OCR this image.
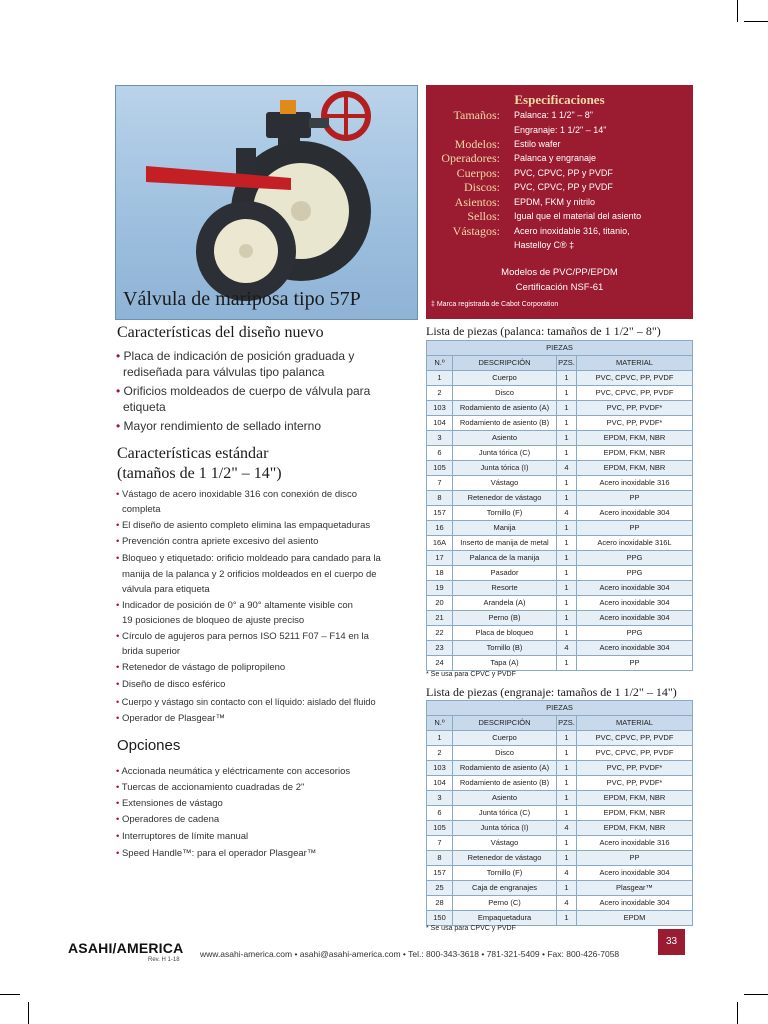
Válvula de mariposa tipo 57P
Especificaciones
Tamaños: Palanca: 1 1/2" – 8"
Engranaje: 1 1/2" – 14"
Modelos: Estilo wafer
Operadores: Palanca y engranaje
Cuerpos: PVC, CPVC, PP y PVDF
Discos: PVC, CPVC, PP y PVDF
Asientos: EPDM, FKM y nitrilo
Sellos: Igual que el material del asiento
Vástagos: Acero inoxidable 316, titanio,
Hastelloy C® ‡
Modelos de PVC/PP/EPDM
Certificación NSF-61
‡ Marca registrada de Cabot Corporation
Características del diseño nuevo
• Placa de indicación de posición graduada y
rediseñada para válvulas tipo palanca
• Orificios moldeados de cuerpo de válvula para
etiqueta
• Mayor rendimiento de sellado interno
Características estándar
(tamaños de 1 1/2" – 14")
• Vástago de acero inoxidable 316 con conexión de disco
completa
• El diseño de asiento completo elimina las empaquetaduras
• Prevención contra apriete excesivo del asiento
• Bloqueo y etiquetado: orificio moldeado para candado para la
manija de la palanca y 2 orificios moldeados en el cuerpo de
válvula para etiqueta
• Indicador de posición de 0° a 90° altamente visible con
19 posiciones de bloqueo de ajuste preciso
• Círculo de agujeros para pernos ISO 5211 F07 – F14 en la
brida superior
• Retenedor de vástago de polipropileno
• Diseño de disco esférico
• Cuerpo y vástago sin contacto con el líquido: aislado del fluido
• Operador de Plasgear™
Opciones
• Accionada neumática y eléctricamente con accesorios
• Tuercas de accionamiento cuadradas de 2"
• Extensiones de vástago
• Operadores de cadena
• Interruptores de límite manual
• Speed Handle™: para el operador Plasgear™
Lista de piezas (palanca: tamaños de 1 1/2" – 8")
PIEZAS			
N.º	DESCRIPCIÓN	PZS.	MATERIAL
1	Cuerpo	1	PVC, CPVC, PP, PVDF
2	Disco	1	PVC, CPVC, PP, PVDF
103	Rodamiento de asiento (A)	1	PVC, PP, PVDF*
104	Rodamiento de asiento (B)	1	PVC, PP, PVDF*
3	Asiento	1	EPDM, FKM, NBR
6	Junta tórica (C)	1	EPDM, FKM, NBR
105	Junta tórica (I)	4	EPDM, FKM, NBR
7	Vástago	1	Acero inoxidable 316
8	Retenedor de vástago	1	PP
157	Tornillo (F)	4	Acero inoxidable 304
16	Manija	1	PP
16A	Inserto de manija de metal	1	Acero inoxidable 316L
17	Palanca de la manija	1	PPG
18	Pasador	1	PPG
19	Resorte	1	Acero inoxidable 304
20	Arandela (A)	1	Acero inoxidable 304
21	Perno (B)	1	Acero inoxidable 304
22	Placa de bloqueo	1	PPG
23	Tornillo (B)	4	Acero inoxidable 304
24	Tapa (A)	1	PP
* Se usa para CPVC y PVDF
Lista de piezas (engranaje: tamaños de 1 1/2" – 14")
PIEZAS			
N.º	DESCRIPCIÓN	PZS.	MATERIAL
1	Cuerpo	1	PVC, CPVC, PP, PVDF
2	Disco	1	PVC, CPVC, PP, PVDF
103	Rodamiento de asiento (A)	1	PVC, PP, PVDF*
104	Rodamiento de asiento (B)	1	PVC, PP, PVDF*
3	Asiento	1	EPDM, FKM, NBR
6	Junta tórica (C)	1	EPDM, FKM, NBR
105	Junta tórica (I)	4	EPDM, FKM, NBR
7	Vástago	1	Acero inoxidable 316
8	Retenedor de vástago	1	PP
157	Tornillo (F)	4	Acero inoxidable 304
25	Caja de engranajes	1	Plasgear™
28	Perno (C)	4	Acero inoxidable 304
150	Empaquetadura	1	EPDM
* Se usa para CPVC y PVDF
ASAHI/AMERICA
Rev. H 1-18
www.asahi-america.com • asahi@asahi-america.com • Tel.: 800-343-3618 • 781-321-5409 • Fax: 800-426-7058
33
